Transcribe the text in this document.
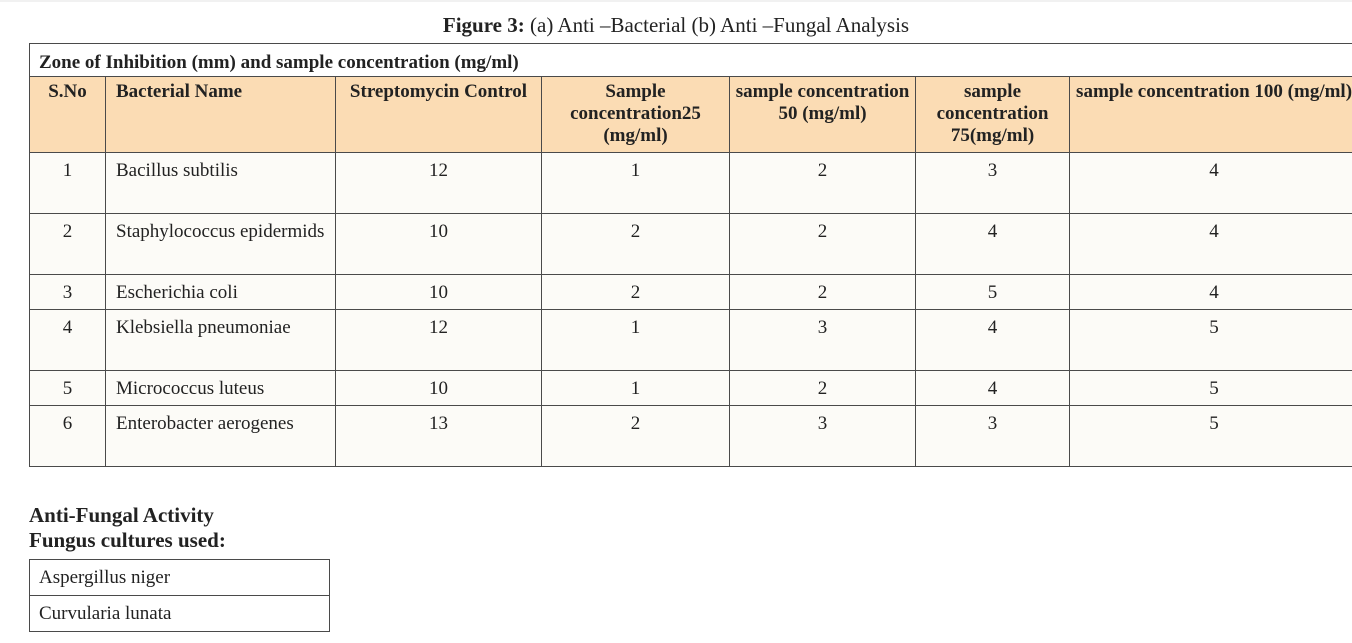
Figure 3: (a) Anti –Bacterial (b) Anti –Fungal Analysis
Zone of Inhibition (mm) and sample concentration (mg/ml)						
S.No	Bacterial Name	Streptomycin Control	Sample concentration25 (mg/ml)	sample concentration 50 (mg/ml)	sample concentration 75(mg/ml)	sample concentration 100 (mg/ml)
1	Bacillus subtilis	12	1	2	3	4
2	Staphylococcus epidermids	10	2	2	4	4
3	Escherichia coli	10	2	2	5	4
4	Klebsiella pneumoniae	12	1	3	4	5
5	Micrococcus luteus	10	1	2	4	5
6	Enterobacter aerogenes	13	2	3	3	5
Anti-Fungal Activity
Fungus cultures used:
Aspergillus niger
Curvularia lunata
